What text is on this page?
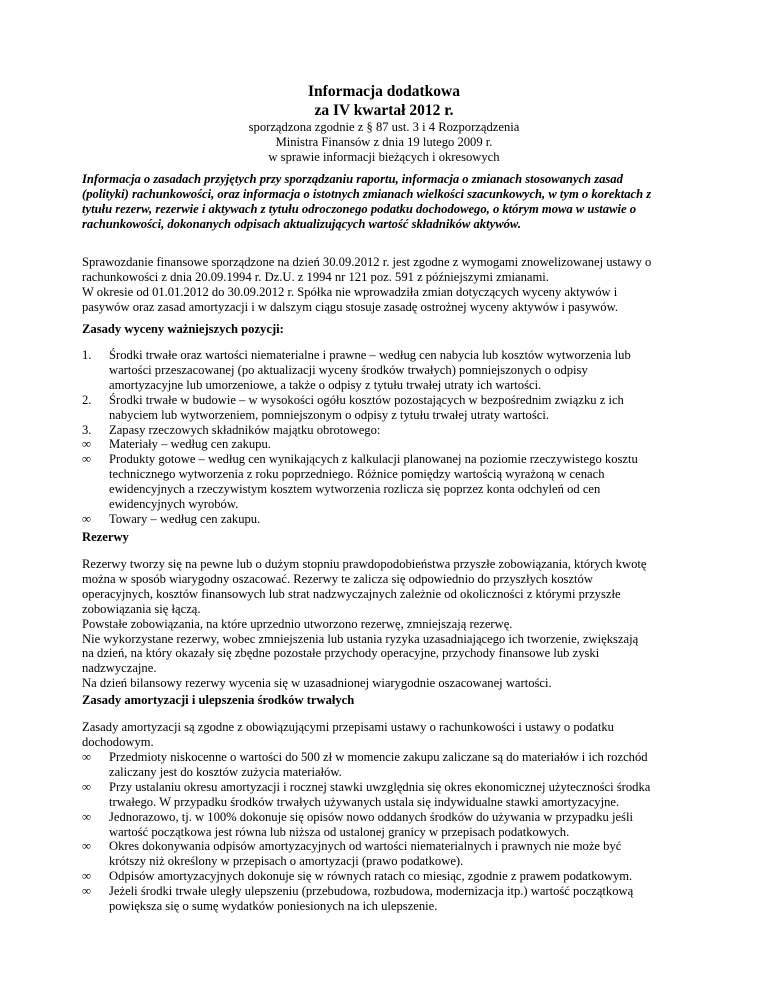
Informacja dodatkowa
za IV kwartał 2012 r.
sporządzona zgodnie z § 87 ust. 3 i 4 Rozporządzenia
Ministra Finansów z dnia 19 lutego 2009 r.
w sprawie informacji bieżących i okresowych
Informacja o zasadach przyjętych przy sporządzaniu raportu, informacja o zmianach stosowanych zasad
(polityki) rachunkowości, oraz informacja o istotnych zmianach wielkości szacunkowych, w tym o korektach z
tytułu rezerw, rezerwie i aktywach z tytułu odroczonego podatku dochodowego, o którym mowa w ustawie o
rachunkowości, dokonanych odpisach aktualizujących wartość składników aktywów.
Sprawozdanie finansowe sporządzone na dzień 30.09.2012 r. jest zgodne z wymogami znowelizowanej ustawy o
rachunkowości z dnia 20.09.1994 r. Dz.U. z 1994 nr 121 poz. 591 z późniejszymi zmianami.
W okresie od 01.01.2012 do 30.09.2012 r. Spółka nie wprowadziła zmian dotyczących wyceny aktywów i
pasywów oraz zasad amortyzacji i w dalszym ciągu stosuje zasadę ostrożnej wyceny aktywów i pasywów.
Zasady wyceny ważniejszych pozycji:
1.	Środki trwałe oraz wartości niematerialne i prawne – według cen nabycia lub kosztów wytworzenia lub
wartości przeszacowanej (po aktualizacji wyceny środków trwałych) pomniejszonych o odpisy
amortyzacyjne lub umorzeniowe, a także o odpisy z tytułu trwałej utraty ich wartości.
2.	Środki trwałe w budowie – w wysokości ogółu kosztów pozostających w bezpośrednim związku z ich
nabyciem lub wytworzeniem, pomniejszonym o odpisy z tytułu trwałej utraty wartości.
3.	Zapasy rzeczowych składników majątku obrotowego:
∞	Materiały – według cen zakupu.
∞	Produkty gotowe – według cen wynikających z kalkulacji planowanej na poziomie rzeczywistego kosztu
technicznego wytworzenia z roku poprzedniego. Różnice pomiędzy wartością wyrażoną w cenach
ewidencyjnych a rzeczywistym kosztem wytworzenia rozlicza się poprzez konta odchyleń od cen
ewidencyjnych wyrobów.
∞	Towary – według cen zakupu.
Rezerwy
Rezerwy tworzy się na pewne lub o dużym stopniu prawdopodobieństwa przyszłe zobowiązania, których kwotę
można w sposób wiarygodny oszacować. Rezerwy te zalicza się odpowiednio do przyszłych kosztów
operacyjnych, kosztów finansowych lub strat nadzwyczajnych zależnie od okoliczności z którymi przyszłe
zobowiązania się łączą.
Powstałe zobowiązania, na które uprzednio utworzono rezerwę, zmniejszają rezerwę.
Nie wykorzystane rezerwy, wobec zmniejszenia lub ustania ryzyka uzasadniającego ich tworzenie, zwiększają
na dzień, na który okazały się zbędne pozostałe przychody operacyjne, przychody finansowe lub zyski
nadzwyczajne.
Na dzień bilansowy rezerwy wycenia się w uzasadnionej wiarygodnie oszacowanej wartości.
Zasady amortyzacji i ulepszenia środków trwałych
Zasady amortyzacji są zgodne z obowiązującymi przepisami ustawy o rachunkowości i ustawy o podatku
dochodowym.
∞	Przedmioty niskocenne o wartości do 500 zł w momencie zakupu zaliczane są do materiałów i ich rozchód
zaliczany jest do kosztów zużycia materiałów.
∞	Przy ustalaniu okresu amortyzacji i rocznej stawki uwzględnia się okres ekonomicznej użyteczności środka
trwałego. W przypadku środków trwałych używanych ustala się indywidualne stawki amortyzacyjne.
∞	Jednorazowo, tj. w 100% dokonuje się opisów nowo oddanych środków do używania w przypadku jeśli
wartość początkowa jest równa lub niższa od ustalonej granicy w przepisach podatkowych.
∞	Okres dokonywania odpisów amortyzacyjnych od wartości niematerialnych i prawnych nie może być
krótszy niż określony w przepisach o amortyzacji (prawo podatkowe).
∞	Odpisów amortyzacyjnych dokonuje się w równych ratach co miesiąc, zgodnie z prawem podatkowym.
∞	Jeżeli środki trwałe uległy ulepszeniu (przebudowa, rozbudowa, modernizacja itp.) wartość początkową
powiększa się o sumę wydatków poniesionych na ich ulepszenie.
